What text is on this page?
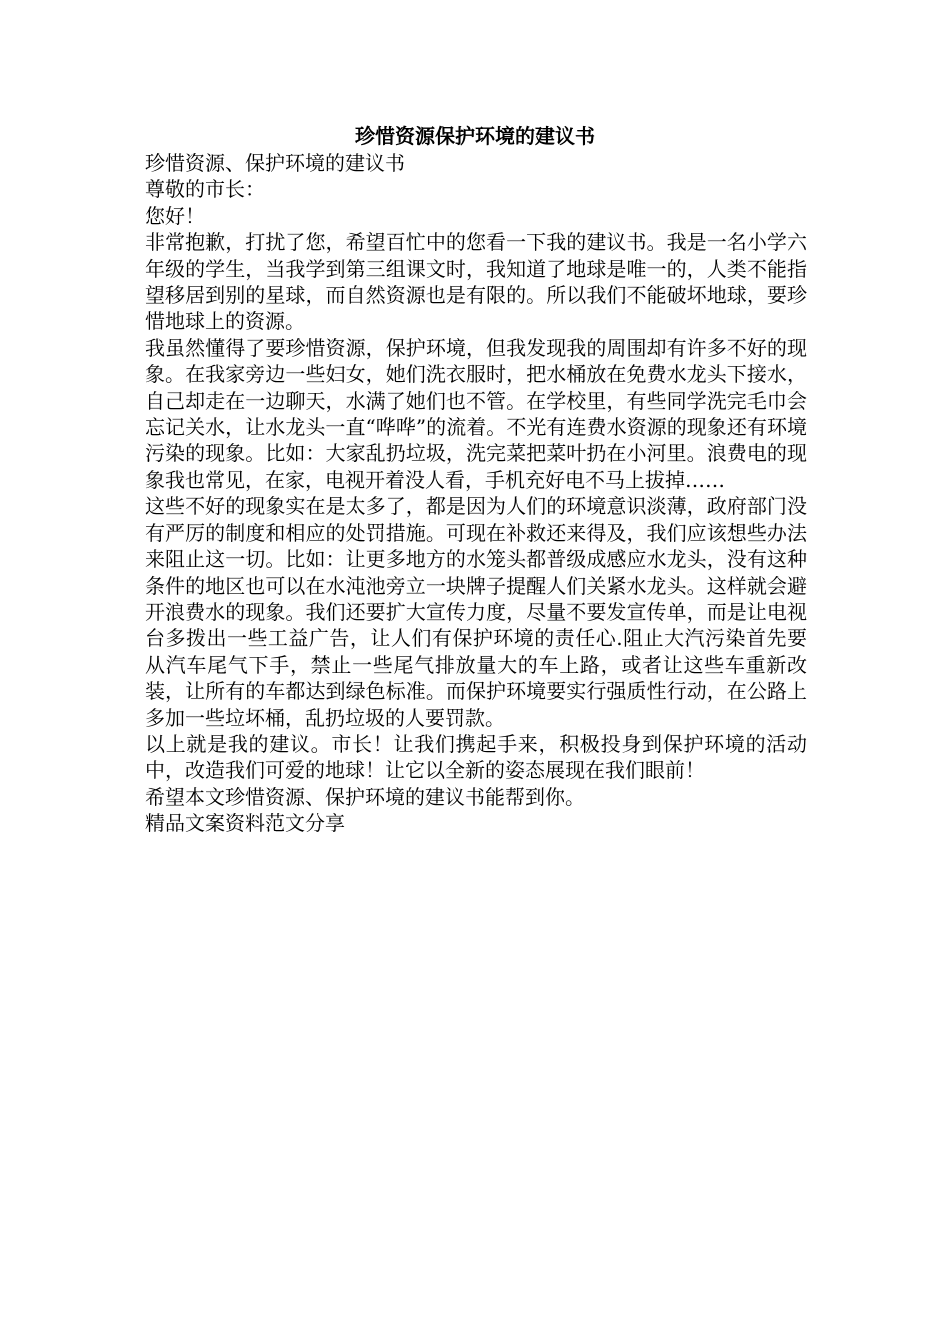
珍惜资源保护环境的建议书

珍惜资源、保护环境的建议书

尊敬的市长：

您好！

非常抱歉，打扰了您，希望百忙中的您看一下我的建议书。我是一名小学六年级的学生，当我学到第三组课文时，我知道了地球是唯一的，人类不能指望移居到别的星球，而自然资源也是有限的。所以我们不能破坏地球，要珍惜地球上的资源。

我虽然懂得了要珍惜资源，保护环境，但我发现我的周围却有许多不好的现象。在我家旁边一些妇女，她们洗衣服时，把水桶放在免费水龙头下接水，自己却走在一边聊天，水满了她们也不管。在学校里，有些同学洗完毛巾会忘记关水，让水龙头一直“哗哗”的流着。不光有连费水资源的现象还有环境污染的现象。比如：大家乱扔垃圾，洗完菜把菜叶扔在小河里。浪费电的现象我也常见，在家，电视开着没人看，手机充好电不马上拔掉……

这些不好的现象实在是太多了，都是因为人们的环境意识淡薄，政府部门没有严厉的制度和相应的处罚措施。可现在补救还来得及，我们应该想些办法来阻止这一切。比如：让更多地方的水笼头都普级成感应水龙头，没有这种条件的地区也可以在水沌池旁立一块牌子提醒人们关紧水龙头。这样就会避开浪费水的现象。我们还要扩大宣传力度，尽量不要发宣传单，而是让电视台多拨出一些工益广告，让人们有保护环境的责任心.阻止大汽污染首先要从汽车尾气下手，禁止一些尾气排放量大的车上路，或者让这些车重新改装，让所有的车都达到绿色标准。而保护环境要实行强质性行动，在公路上多加一些垃坏桶，乱扔垃圾的人要罚款。

以上就是我的建议。市长！让我们携起手来，积极投身到保护环境的活动中，改造我们可爱的地球！让它以全新的姿态展现在我们眼前！

希望本文珍惜资源、保护环境的建议书能帮到你。

精品文案资料范文分享
